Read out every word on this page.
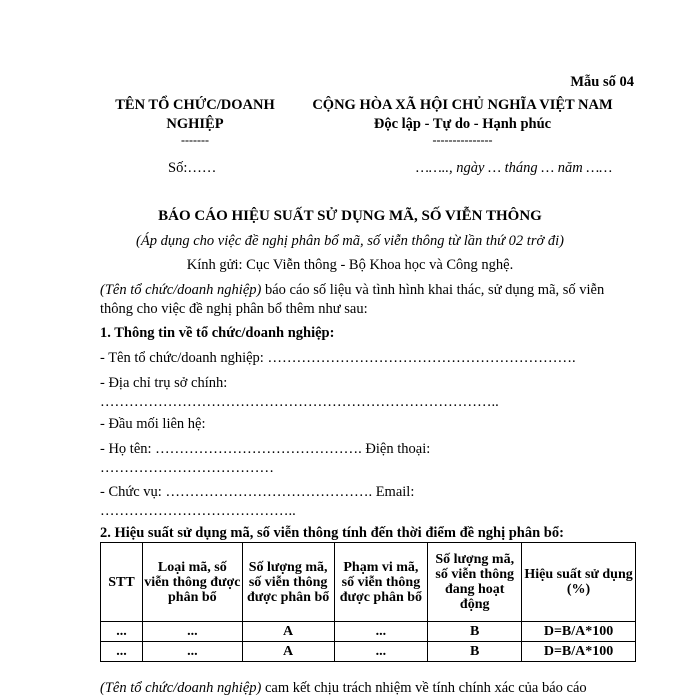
Mẫu số 04
TÊN TỔ CHỨC/DOANH
NGHIỆP
-------
Số:……
CỘNG HÒA XÃ HỘI CHỦ NGHĨA VIỆT NAM
Độc lập - Tự do - Hạnh phúc
---------------
…….., ngày … tháng … năm ……
BÁO CÁO HIỆU SUẤT SỬ DỤNG MÃ, SỐ VIỄN THÔNG
(Áp dụng cho việc đề nghị phân bổ mã, số viễn thông từ lần thứ 02 trở đi)
Kính gửi: Cục Viễn thông - Bộ Khoa học và Công nghệ.
(Tên tổ chức/doanh nghiệp) báo cáo số liệu và tình hình khai thác, sử dụng mã, số viễn
thông cho việc đề nghị phân bổ thêm như sau:
1. Thông tin về tổ chức/doanh nghiệp:
- Tên tổ chức/doanh nghiệp: ……………………………………………………….
- Địa chỉ trụ sở chính:
………………………………………………………………………..
- Đầu mối liên hệ:
- Họ tên: ……………………………………. Điện thoại:
………………………………
- Chức vụ: ……………………………………. Email:
…………………………………..
2. Hiệu suất sử dụng mã, số viễn thông tính đến thời điểm đề nghị phân bổ:
STT	Loại mã, số viễn thông được phân bổ	Số lượng mã, số viễn thông được phân bổ	Phạm vi mã, số viễn thông được phân bổ	Số lượng mã, số viễn thông đang hoạt động	Hiệu suất sử dụng (%)
...	...	A	...	B	D=B/A*100
...	...	A	...	B	D=B/A*100
(Tên tổ chức/doanh nghiệp) cam kết chịu trách nhiệm về tính chính xác của báo cáo
